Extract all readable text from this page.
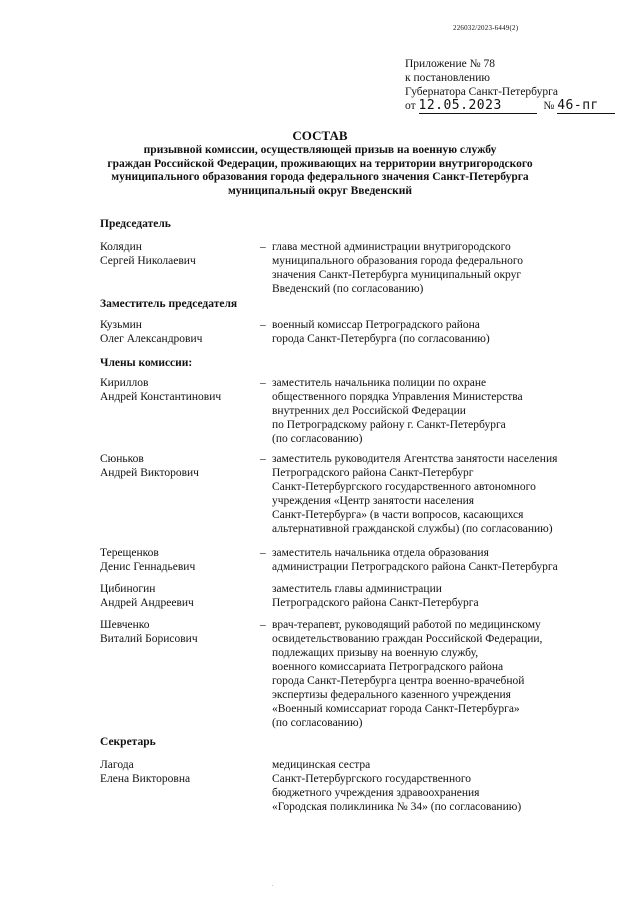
226032/2023-6449(2)
Приложение № 78
к постановлению
Губернатора Санкт-Петербурга
от 12.05.2023	№ 46-пг
СОСТАВ
призывной комиссии, осуществляющей призыв на военную службу
граждан Российской Федерации, проживающих на территории внутригородского
муниципального образования города федерального значения Санкт-Петербурга
муниципальный округ Введенский
Председатель
Колядин
Сергей Николаевич
– глава местной администрации внутригородского
муниципального образования города федерального
значения Санкт-Петербурга муниципальный округ
Введенский (по согласованию)
Заместитель председателя
Кузьмин
Олег Александрович
– военный комиссар Петроградского района
города Санкт-Петербурга (по согласованию)
Члены комиссии:
Кириллов
Андрей Константинович
– заместитель начальника полиции по охране
общественного порядка Управления Министерства
внутренних дел Российской Федерации
по Петроградскому району г. Санкт-Петербурга
(по согласованию)
Сюньков
Андрей Викторович
– заместитель руководителя Агентства занятости населения
Петроградского района Санкт-Петербург
Санкт-Петербургского государственного автономного
учреждения «Центр занятости населения
Санкт-Петербурга» (в части вопросов, касающихся
альтернативной гражданской службы) (по согласованию)
Терещенков
Денис Геннадьевич
– заместитель начальника отдела образования
администрации Петроградского района Санкт-Петербурга
Цибиногин
Андрей Андреевич
заместитель главы администрации
Петроградского района Санкт-Петербурга
Шевченко
Виталий Борисович
– врач-терапевт, руководящий работой по медицинскому
освидетельствованию граждан Российской Федерации,
подлежащих призыву на военную службу,
военного комиссариата Петроградского района
города Санкт-Петербурга центра военно-врачебной
экспертизы федерального казенного учреждения
«Военный комиссариат города Санкт-Петербурга»
(по согласованию)
Секретарь
Лагода
Елена Викторовна
медицинская сестра
Санкт-Петербургского государственного
бюджетного учреждения здравоохранения
«Городская поликлиника № 34» (по согласованию)
.
